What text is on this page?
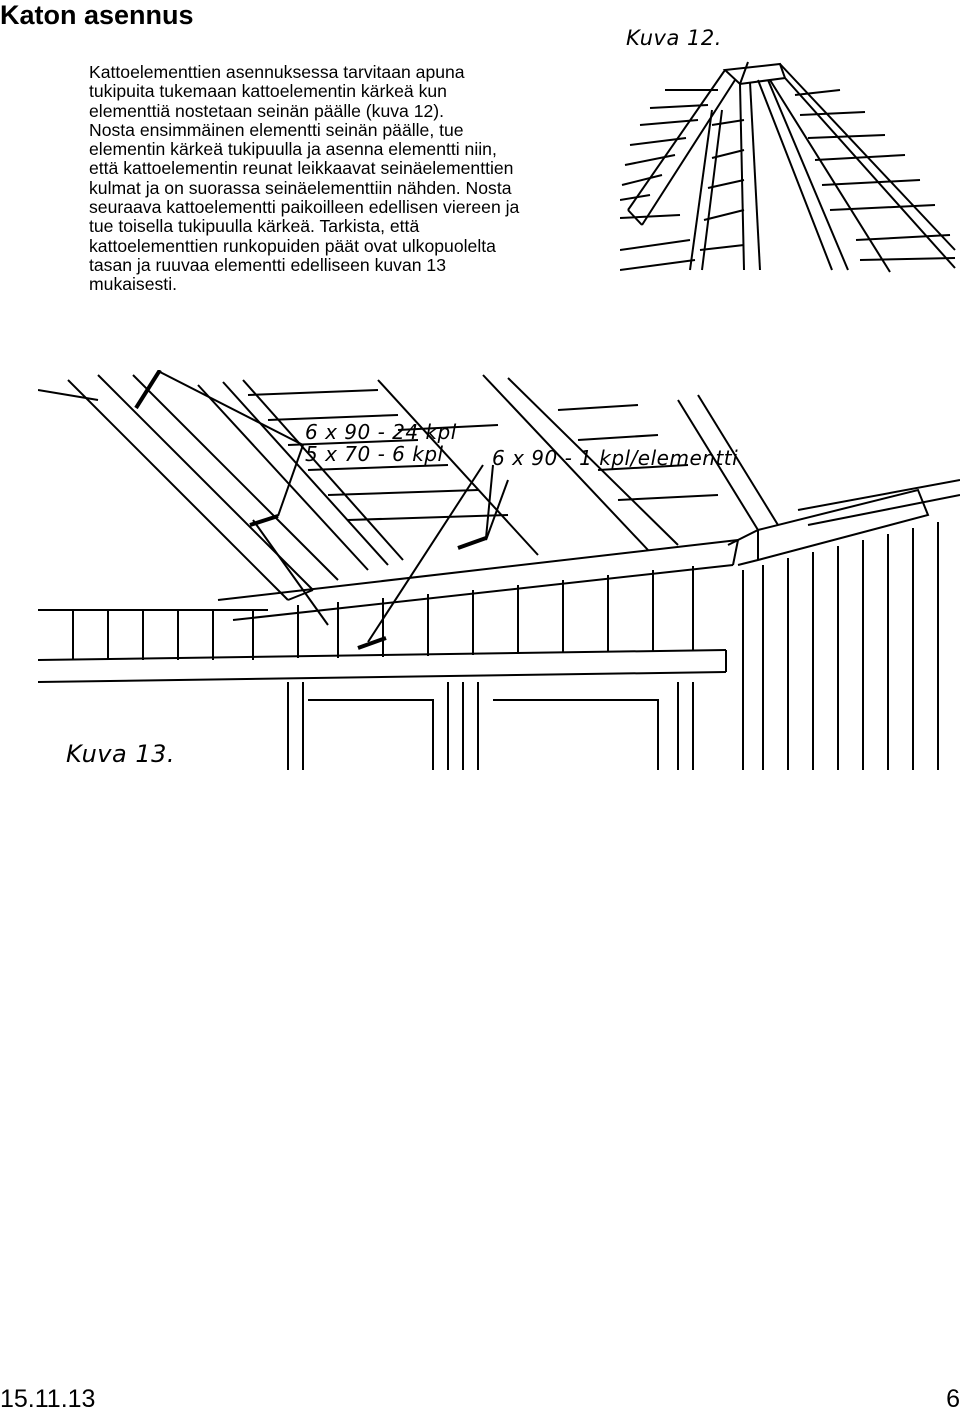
Katon asennus
Kattoelementtien asennuksessa tarvitaan apuna
tukipuita tukemaan kattoelementin kärkeä kun
elementtiä nostetaan seinän päälle (kuva 12).
Nosta ensimmäinen elementti seinän päälle, tue
elementin kärkeä tukipuulla ja asenna elementti niin,
että kattoelementin reunat leikkaavat seinäelementtien
kulmat ja on suorassa seinäelementtiin nähden. Nosta
seuraava kattoelementti paikoilleen edellisen viereen ja
tue toisella tukipuulla kärkeä. Tarkista, että
kattoelementtien runkopuiden päät ovat ulkopuolelta
tasan ja ruuvaa elementti edelliseen kuvan 13
mukaisesti.
Kuva 12.
6 x 90 - 24 kpl
5 x 70 - 6 kpl 6 x 90 - 1 kpl/elementti
Kuva 13.
15.11.13	6
